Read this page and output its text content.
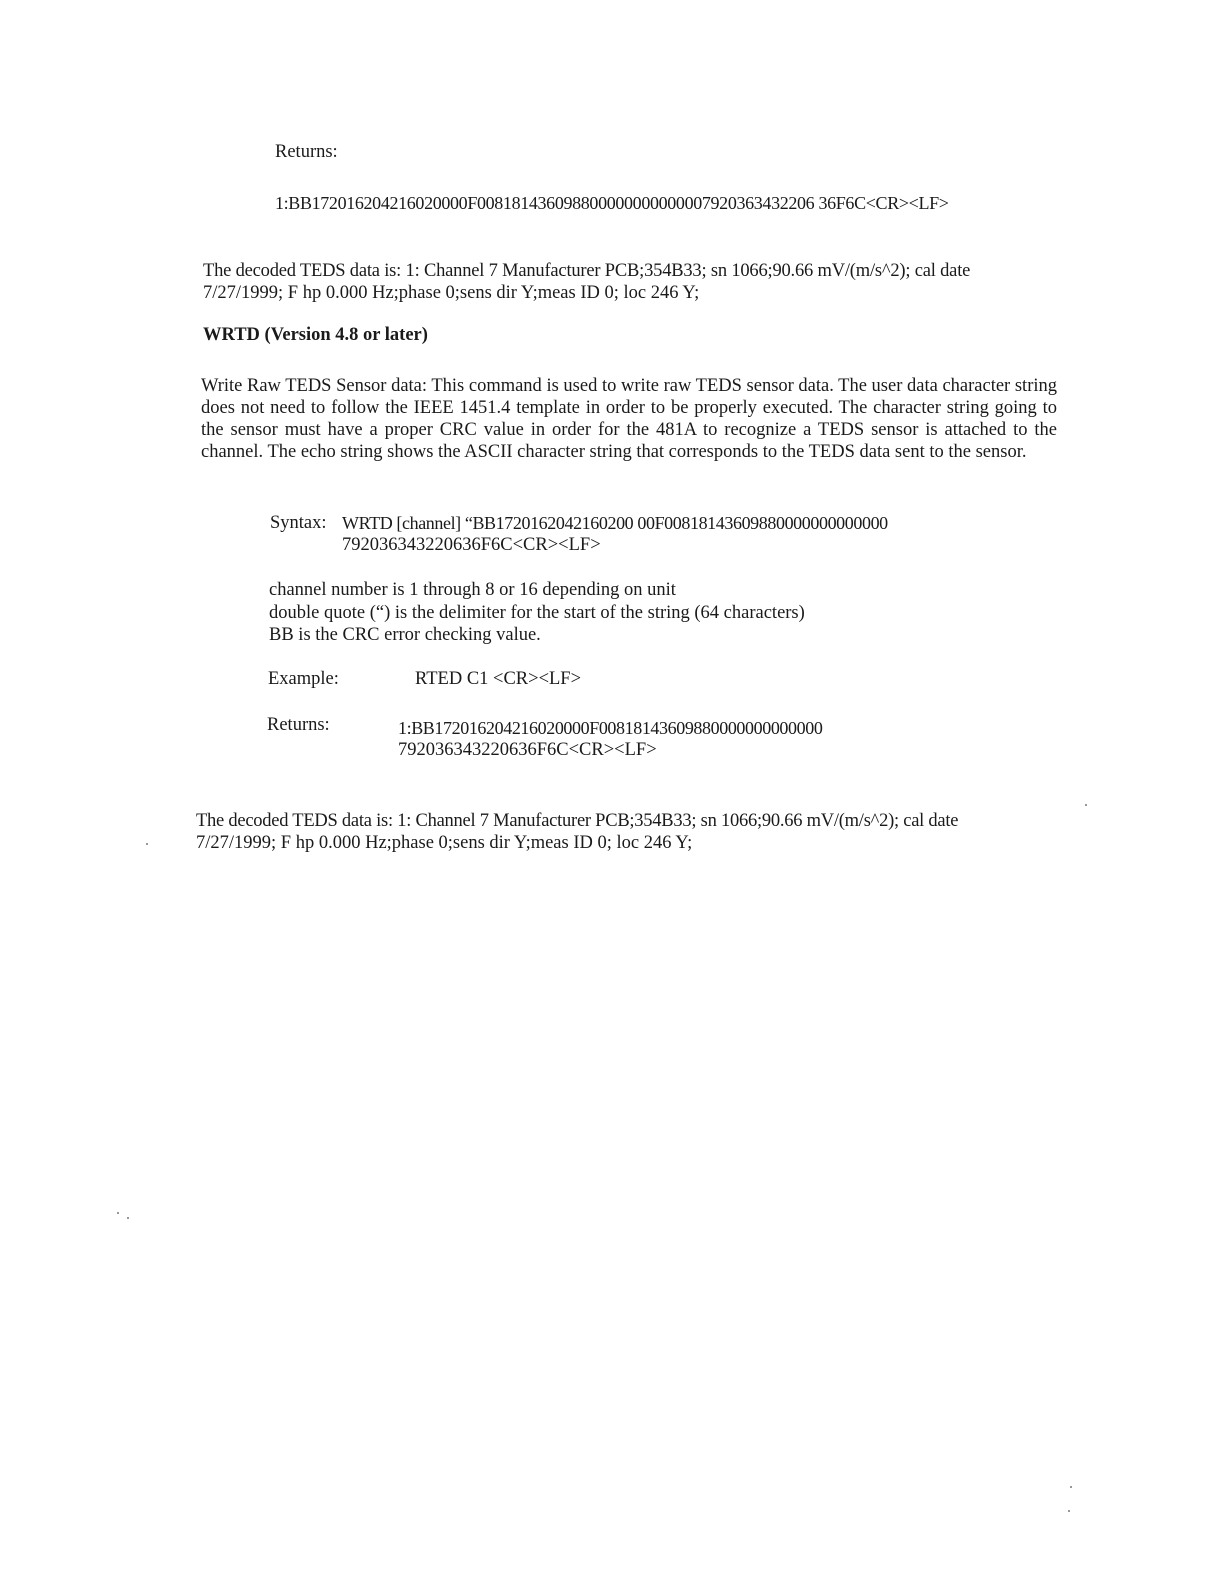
Returns:
1:BB172016204216020000F008181436098800000000000007920363432206 36F6C<CR><LF>
The decoded TEDS data is: 1: Channel 7 Manufacturer PCB;354B33; sn 1066;90.66 mV/(m/s^2); cal date
7/27/1999; F hp 0.000 Hz;phase 0;sens dir Y;meas ID 0; loc 246 Y;
WRTD (Version 4.8 or later)
Write Raw TEDS Sensor data: This command is used to write raw TEDS sensor data. The user data character string does not need to follow the IEEE 1451.4 template in order to be properly executed. The character string going to the sensor must have a proper CRC value in order for the 481A to recognize a TEDS sensor is attached to the channel. The echo string shows the ASCII character string that corresponds to the TEDS data sent to the sensor.
Syntax: WRTD [channel] “BB1720162042160200 00F00818143609880000000000000
792036343220636F6C<CR><LF>
channel number is 1 through 8 or 16 depending on unit
double quote (“) is the delimiter for the start of the string (64 characters)
BB is the CRC error checking value.
Example:	RTED C1 <CR><LF>
Returns:	1:BB172016204216020000F00818143609880000000000000
792036343220636F6C<CR><LF>
The decoded TEDS data is: 1: Channel 7 Manufacturer PCB;354B33; sn 1066;90.66 mV/(m/s^2); cal date
7/27/1999; F hp 0.000 Hz;phase 0;sens dir Y;meas ID 0; loc 246 Y;
